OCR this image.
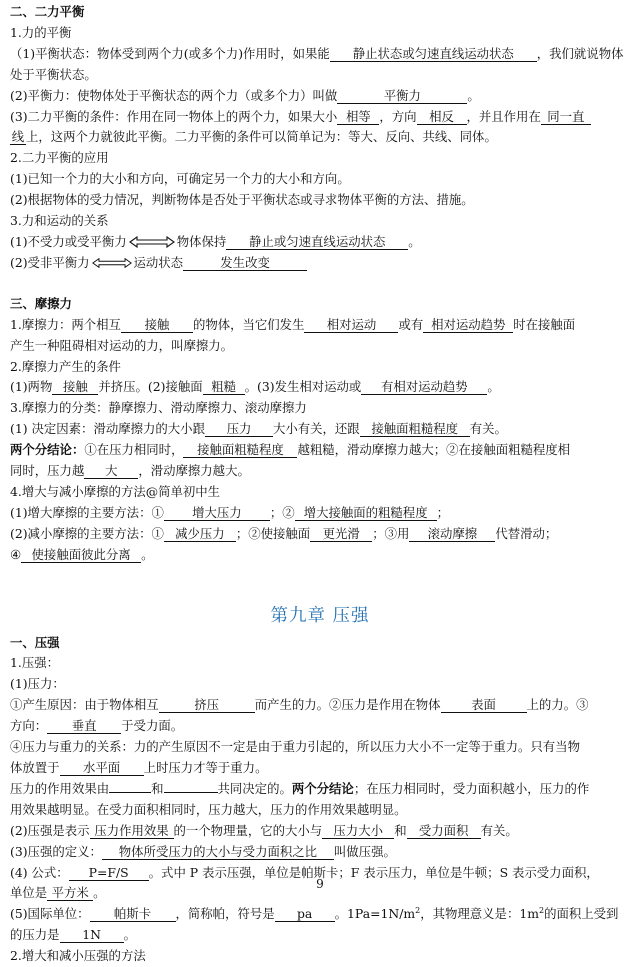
二、二力平衡

1.力的平衡

（1)平衡状态：物体受到两个力(或多个力)作用时，如果能 静止状态或匀速直线运动状态 ，我们就说物体处于平衡状态。

(2)平衡力：使物体处于平衡状态的两个力（或多个力）叫做	平衡力	。

(3)二力平衡的条件：作用在同一物体上的两个力，如果大小 相等 ，方向 相反 ，并且作用在 同一直

线 上，这两个力就彼此平衡。二力平衡的条件可以简单记为：等大、反向、共线、同体。

2.二力平衡的应用

(1)已知一个力的大小和方向，可确定另一个力的大小和方向。

(2)根据物体的受力情况，判断物体是否处于平衡状态或寻求物体平衡的方法、措施。

3.力和运动的关系

(1)不受力或受平衡力	物体保持 静止或匀速直线运动状态 。

(2)受非平衡力	运动状态	发生改变

三、摩擦力

1.摩擦力：两个相互 接触 的物体，当它们发生 相对运动 或有 相对运动趋势 时在接触面

产生一种阻碍相对运动的力，叫摩擦力。

2.摩擦力产生的条件

(1)两物 接触 并挤压。(2)接触面 粗糙 。(3)发生相对运动或 有相对运动趋势 。

3.摩擦力的分类：静摩擦力、滑动摩擦力、滚动摩擦力

(1) 决定因素：滑动摩擦力的大小跟 压力 大小有关，还跟 接触面粗糙程度 有关。

两个分结论：①在压力相同时， 接触面粗糙程度 越粗糙，滑动摩擦力越大；②在接触面粗糙程度相

同时，压力越 大 ，滑动摩擦力越大。

4.增大与减小摩擦的方法@简单初中生

(1)增大摩擦的主要方法：① 增大压力 ；② 增大接触面的粗糙程度 ；

(2)减小摩擦的主要方法：① 减少压力 ；②使接触面 更光滑 ；③用 滚动摩擦 代替滑动；

④ 使接触面彼此分离 。

第九章 压强

一、压强

1.压强：

(1)压力：

①产生原因：由于物体相互	挤压	而产生的力。②压力是作用在物体 表面 上的力。③

方向： 垂直 于受力面。

④压力与重力的关系：力的产生原因不一定是由于重力引起的，所以压力大小不一定等于重力。只有当物

体放置于 水平面 上时压力才等于重力。

压力的作用效果由	和	共同决定的。两个分结论；在压力相同时，受力面积越小，压力的作

用效果越明显。在受力面积相同时，压力越大，压力的作用效果越明显。

(2)压强是表示 压力作用效果 的一个物理量，它的大小与 压力大小 和 受力面积 有关。

(3)压强的定义： 物体所受压力的大小与受力面积之比 叫做压强。

(4) 公式： P=F/S 。式中 P 表示压强，单位是帕斯卡；F 表示压力，单位是牛顿；S 表示受力面积，

单位是 平方米 。

(5)国际单位： 帕斯卡 ，简称帕，符号是 pa 。$1Pa=1N/m^2$，其物理意义是：$1m^2$的面积上受到

的压力是 1N 。

2.增大和减小压强的方法

9
